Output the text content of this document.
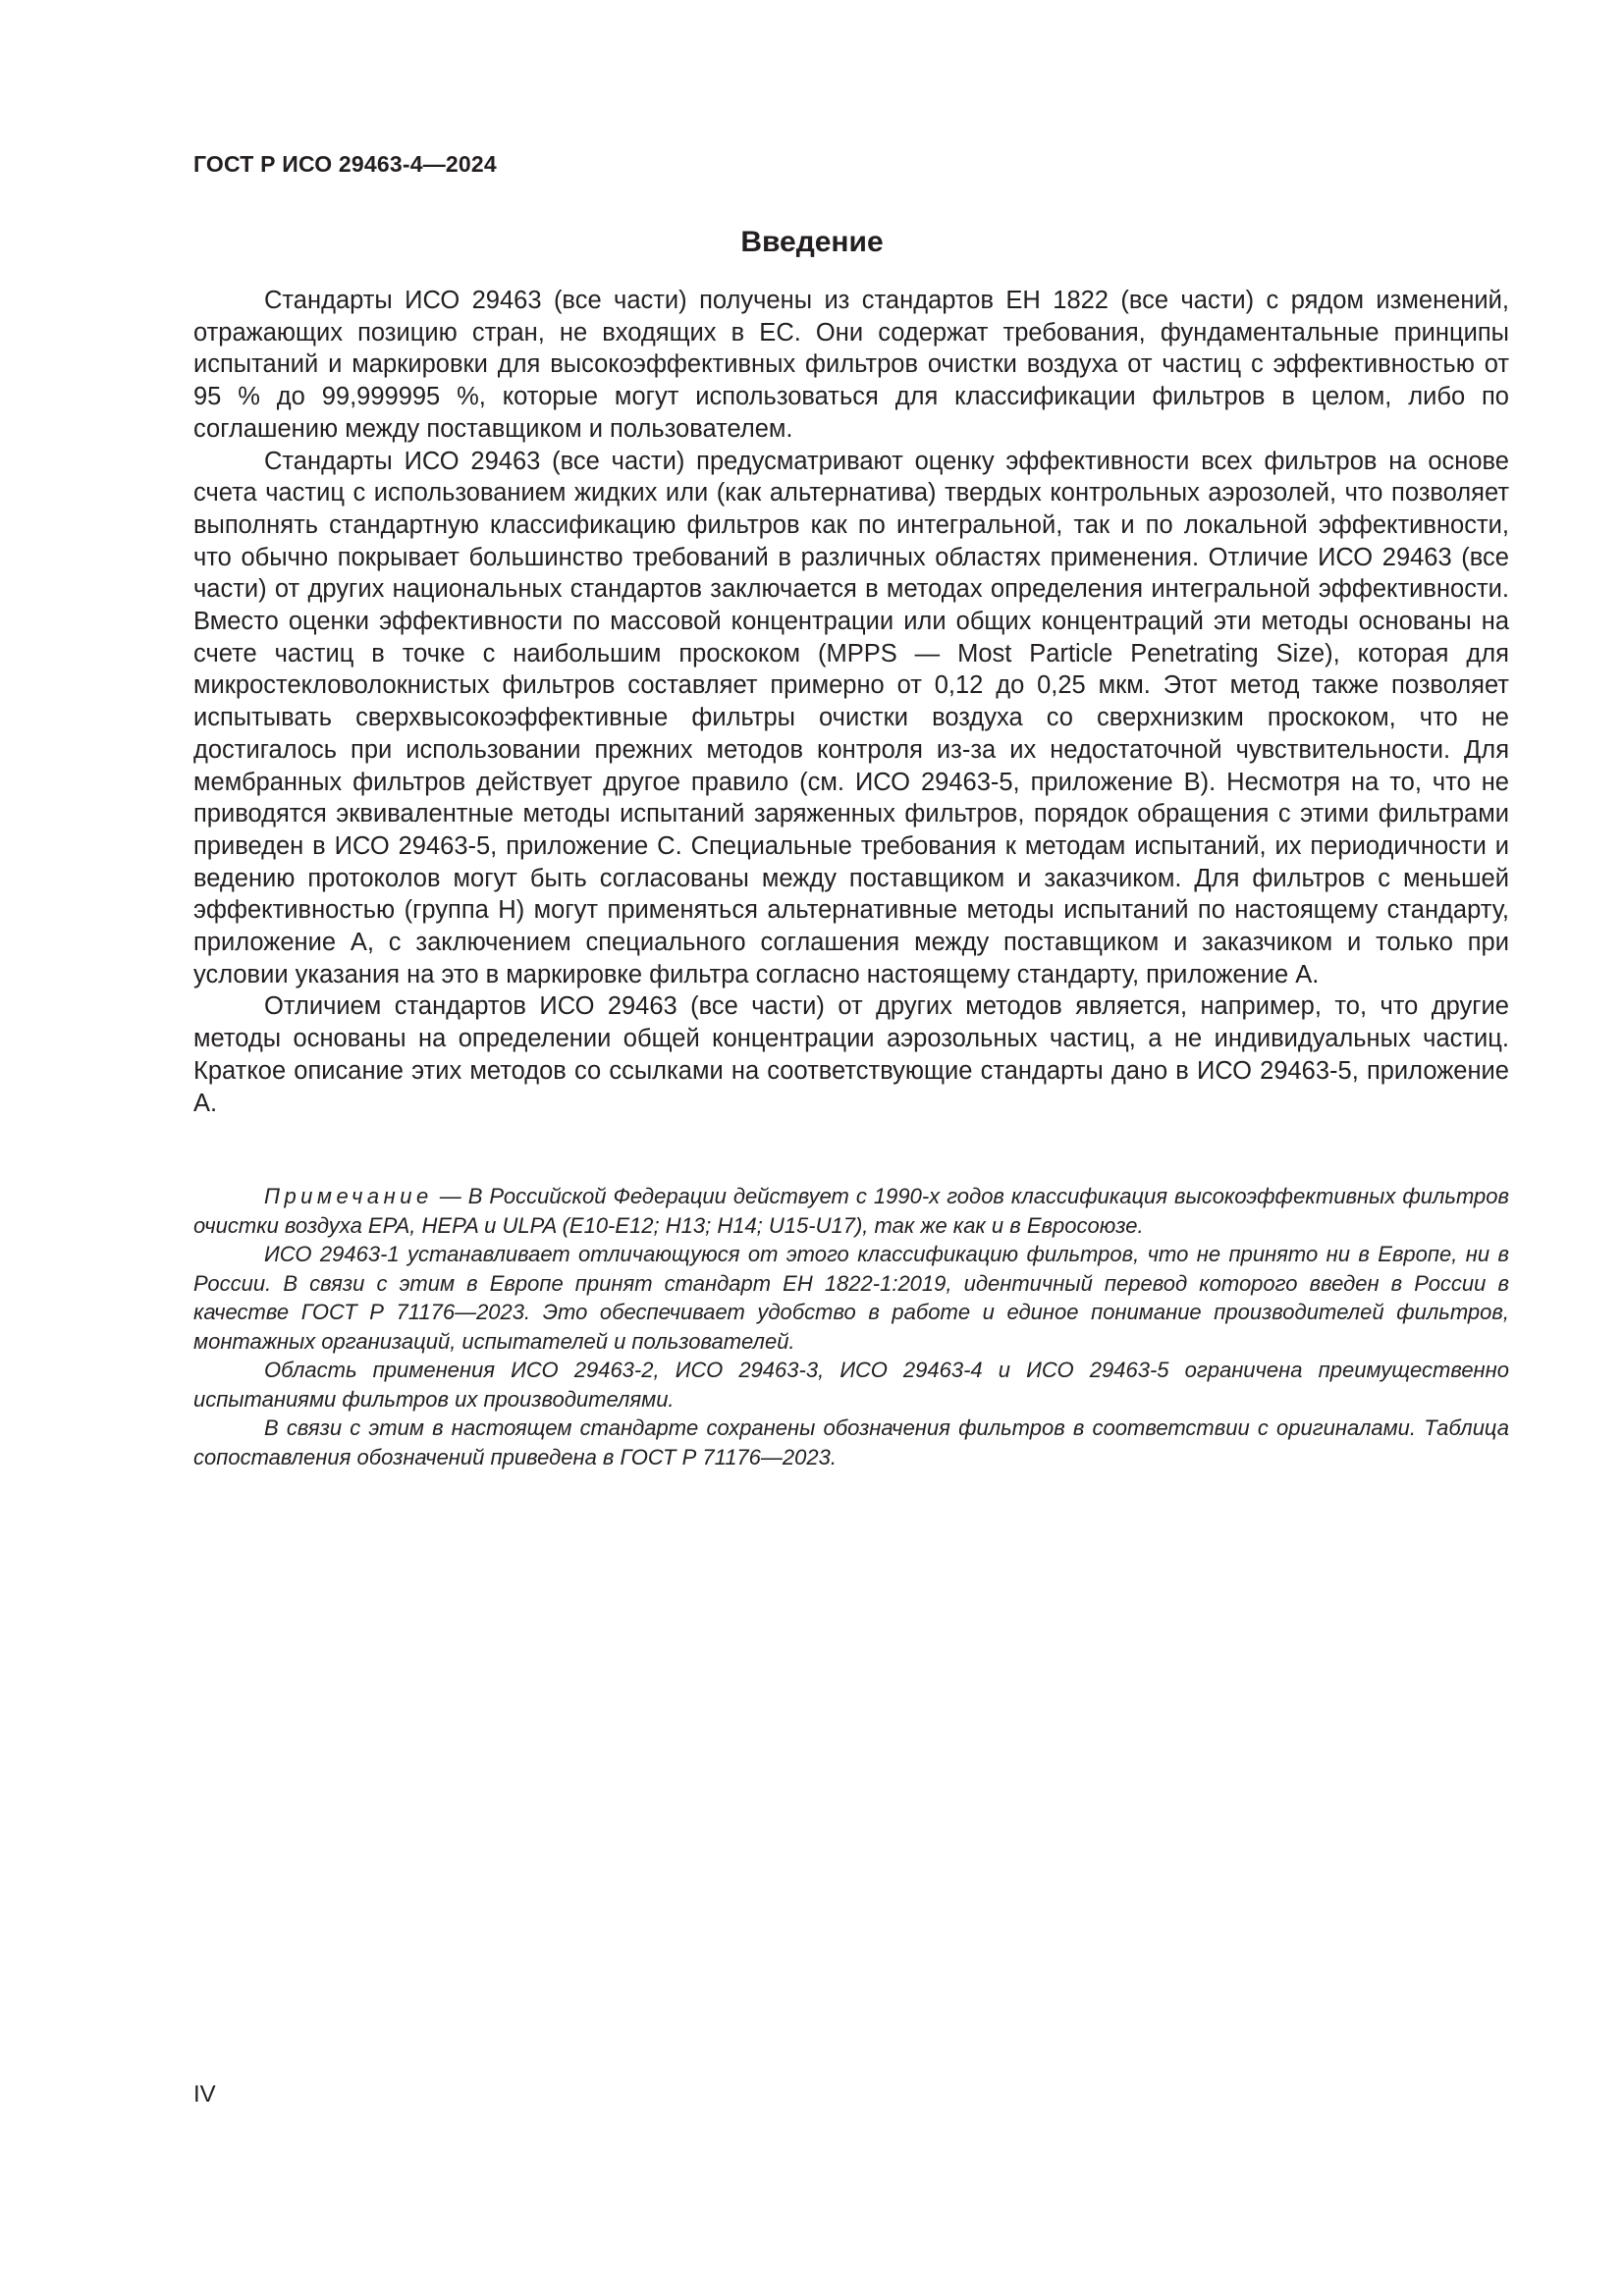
ГОСТ Р ИСО 29463-4—2024
Введение

Стандарты ИСО 29463 (все части) получены из стандартов ЕН 1822 (все части) с рядом изменений, отражающих позицию стран, не входящих в ЕС. Они содержат требования, фундаментальные принципы испытаний и маркировки для высокоэффективных фильтров очистки воздуха от частиц с эффективностью от 95 % до 99,999995 %, которые могут использоваться для классификации фильтров в целом, либо по соглашению между поставщиком и пользователем.

Стандарты ИСО 29463 (все части) предусматривают оценку эффективности всех фильтров на основе счета частиц с использованием жидких или (как альтернатива) твердых контрольных аэрозолей, что позволяет выполнять стандартную классификацию фильтров как по интегральной, так и по локальной эффективности, что обычно покрывает большинство требований в различных областях применения. Отличие ИСО 29463 (все части) от других национальных стандартов заключается в методах определения интегральной эффективности. Вместо оценки эффективности по массовой концентрации или общих концентраций эти методы основаны на счете частиц в точке с наибольшим проскоком (MPPS — Most Particle Penetrating Size), которая для микростекловолокнистых фильтров составляет примерно от 0,12 до 0,25 мкм. Этот метод также позволяет испытывать сверхвысокоэффективные фильтры очистки воздуха со сверхнизким проскоком, что не достигалось при использовании прежних методов контроля из-за их недостаточной чувствительности. Для мембранных фильтров действует другое правило (см. ИСО 29463-5, приложение В). Несмотря на то, что не приводятся эквивалентные методы испытаний заряженных фильтров, порядок обращения с этими фильтрами приведен в ИСО 29463-5, приложение С. Специальные требования к методам испытаний, их периодичности и ведению протоколов могут быть согласованы между поставщиком и заказчиком. Для фильтров с меньшей эффективностью (группа Н) могут применяться альтернативные методы испытаний по настоящему стандарту, приложение А, с заключением специального соглашения между поставщиком и заказчиком и только при условии указания на это в маркировке фильтра согласно настоящему стандарту, приложение А.

Отличием стандартов ИСО 29463 (все части) от других методов является, например, то, что другие методы основаны на определении общей концентрации аэрозольных частиц, а не индивидуальных частиц. Краткое описание этих методов со ссылками на соответствующие стандарты дано в ИСО 29463-5, приложение А.

Примечание — В Российской Федерации действует с 1990-х годов классификация высокоэффективных фильтров очистки воздуха EPA, HEPA и ULPA (E10-E12; H13; H14; U15-U17), так же как и в Евросоюзе.

ИСО 29463-1 устанавливает отличающуюся от этого классификацию фильтров, что не принято ни в Европе, ни в России. В связи с этим в Европе принят стандарт ЕН 1822-1:2019, идентичный перевод которого введен в России в качестве ГОСТ Р 71176—2023. Это обеспечивает удобство в работе и единое понимание производителей фильтров, монтажных организаций, испытателей и пользователей.

Область применения ИСО 29463-2, ИСО 29463-3, ИСО 29463-4 и ИСО 29463-5 ограничена преимущественно испытаниями фильтров их производителями.

В связи с этим в настоящем стандарте сохранены обозначения фильтров в соответствии с оригиналами. Таблица сопоставления обозначений приведена в ГОСТ Р 71176—2023.

IV
